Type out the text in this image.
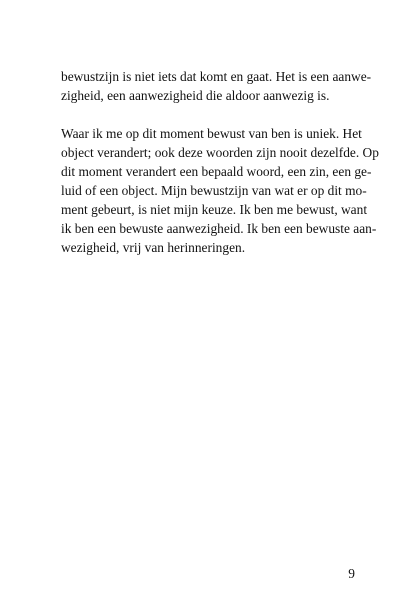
bewustzijn is niet iets dat komt en gaat. Het is een aanwe-
zigheid, een aanwezigheid die aldoor aanwezig is.
Waar ik me op dit moment bewust van ben is uniek. Het
object verandert; ook deze woorden zijn nooit dezelfde. Op
dit moment verandert een bepaald woord, een zin, een ge-
luid of een object. Mijn bewustzijn van wat er op dit mo-
ment gebeurt, is niet mijn keuze. Ik ben me bewust, want
ik ben een bewuste aanwezigheid. Ik ben een bewuste aan-
wezigheid, vrij van herinneringen.
9
